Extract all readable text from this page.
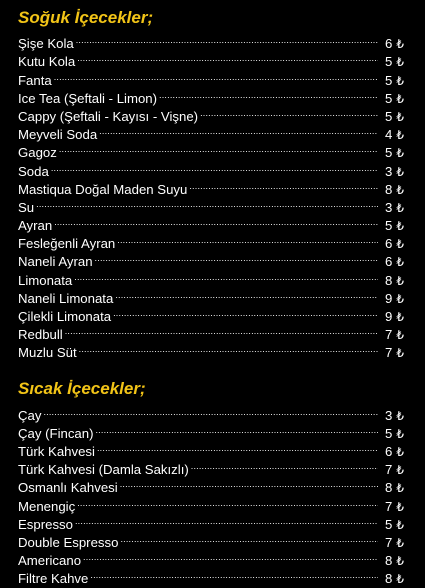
Soğuk İçecekler;
Şişe Kola .....	6 ₺
Kutu Kola .....	5 ₺
Fanta .....	5 ₺
Ice Tea (Şeftali - Limon) .....	5 ₺
Cappy (Şeftali - Kayısı - Vişne) .....	5 ₺
Meyveli Soda .....	4 ₺
Gagoz .....	5 ₺
Soda .....	3 ₺
Mastiqua Doğal Maden Suyu .....	8 ₺
Su .....	3 ₺
Ayran .....	5 ₺
Fesleğenli Ayran .....	6 ₺
Naneli Ayran .....	6 ₺
Limonata .....	8 ₺
Naneli Limonata .....	9 ₺
Çilekli Limonata .....	9 ₺
Redbull .....	7 ₺
Muzlu Süt .....	7 ₺
Sıcak İçecekler;
Çay .....	3 ₺
Çay (Fincan) .....	5 ₺
Türk Kahvesi .....	6 ₺
Türk Kahvesi (Damla Sakızlı) .....	7 ₺
Osmanlı Kahvesi .....	8 ₺
Menengiç .....	7 ₺
Espresso .....	5 ₺
Double Espresso .....	7 ₺
Americano .....	8 ₺
Filtre Kahve .....	8 ₺
